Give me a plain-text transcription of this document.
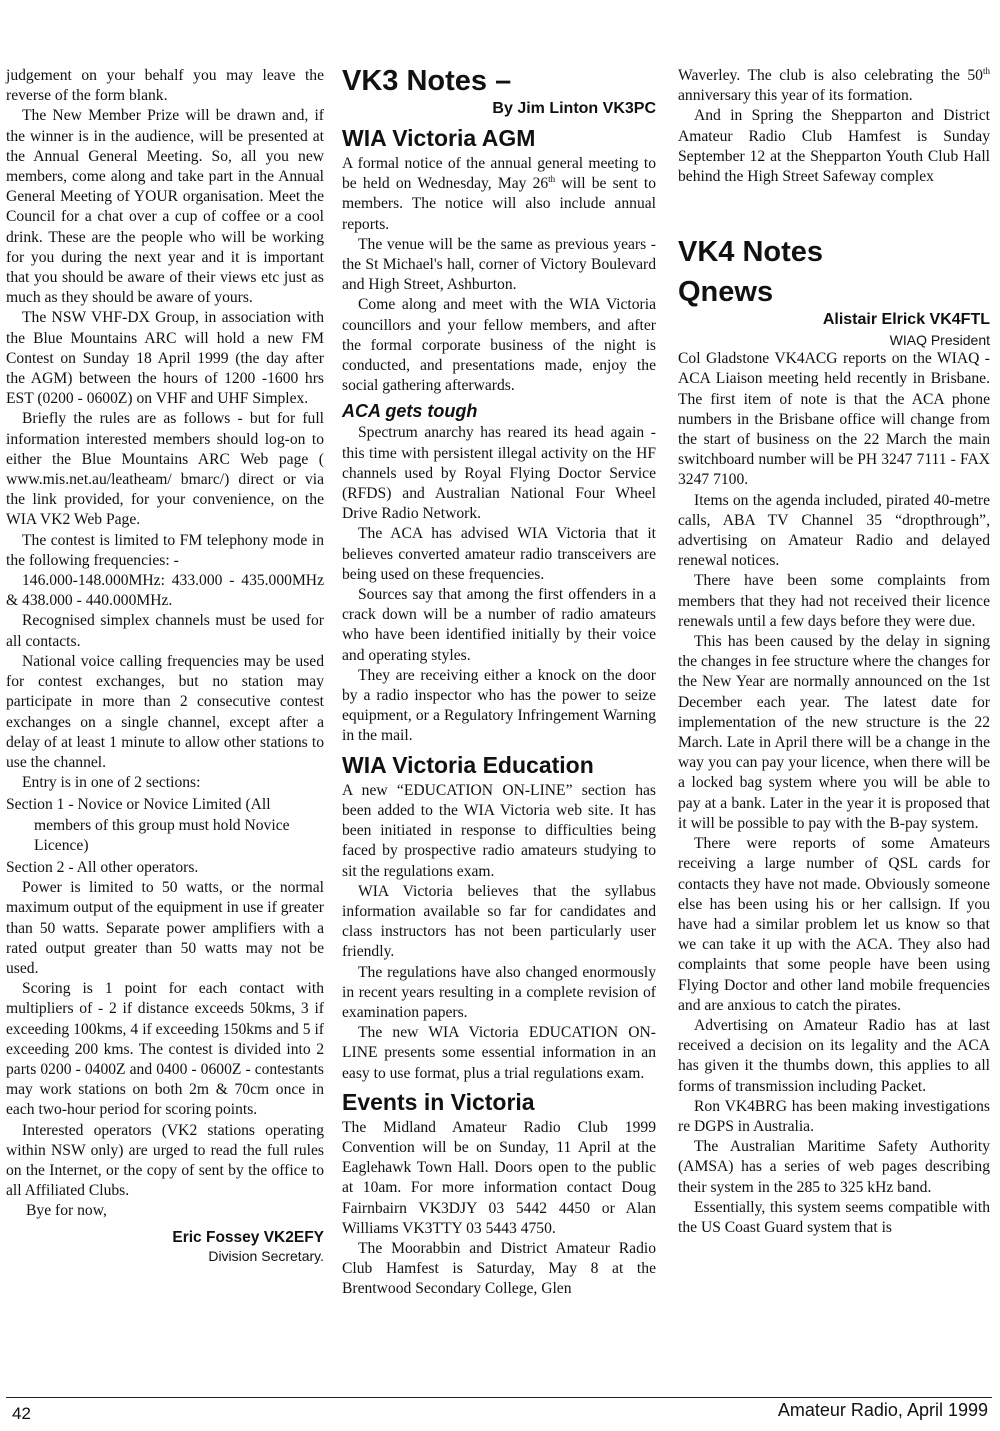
judgement on your behalf you may leave the reverse of the form blank.

The New Member Prize will be drawn and, if the winner is in the audience, will be presented at the Annual General Meeting. So, all you new members, come along and take part in the Annual General Meeting of YOUR organisation. Meet the Council for a chat over a cup of coffee or a cool drink. These are the people who will be working for you during the next year and it is important that you should be aware of their views etc just as much as they should be aware of yours.

The NSW VHF-DX Group, in association with the Blue Mountains ARC will hold a new FM Contest on Sunday 18 April 1999 (the day after the AGM) between the hours of 1200 -1600 hrs EST (0200 - 0600Z) on VHF and UHF Simplex.

Briefly the rules are as follows - but for full information interested members should log-on to either the Blue Mountains ARC Web page ( www.mis.net.au/leatheam/ bmarc/) direct or via the link provided, for your convenience, on the WIA VK2 Web Page.

The contest is limited to FM telephony mode in the following frequencies: -

146.000-148.000MHz: 433.000 - 435.000MHz & 438.000 - 440.000MHz.

Recognised simplex channels must be used for all contacts.

National voice calling frequencies may be used for contest exchanges, but no station may participate in more than 2 consecutive contest exchanges on a single channel, except after a delay of at least 1 minute to allow other stations to use the channel.

Entry is in one of 2 sections:

Section 1 - Novice or Novice Limited (All members of this group must hold Novice Licence)

Section 2 - All other operators.

Power is limited to 50 watts, or the normal maximum output of the equipment in use if greater than 50 watts. Separate power amplifiers with a rated output greater than 50 watts may not be used.

Scoring is 1 point for each contact with multipliers of - 2 if distance exceeds 50kms, 3 if exceeding 100kms, 4 if exceeding 150kms and 5 if exceeding 200 kms. The contest is divided into 2 parts 0200 - 0400Z and 0400 - 0600Z - contestants may work stations on both 2m & 70cm once in each two-hour period for scoring points.

Interested operators (VK2 stations operating within NSW only) are urged to read the full rules on the Internet, or the copy of sent by the office to all Affiliated Clubs.

Bye for now,

Eric Fossey VK2EFY

Division Secretary.

VK3 Notes –

By Jim Linton VK3PC

WIA Victoria AGM

A formal notice of the annual general meeting to be held on Wednesday, May 26th will be sent to members. The notice will also include annual reports.

The venue will be the same as previous years - the St Michael's hall, corner of Victory Boulevard and High Street, Ashburton.

Come along and meet with the WIA Victoria councillors and your fellow members, and after the formal corporate business of the night is conducted, and presentations made, enjoy the social gathering afterwards.

ACA gets tough

Spectrum anarchy has reared its head again - this time with persistent illegal activity on the HF channels used by Royal Flying Doctor Service (RFDS) and Australian National Four Wheel Drive Radio Network.

The ACA has advised WIA Victoria that it believes converted amateur radio transceivers are being used on these frequencies.

Sources say that among the first offenders in a crack down will be a number of radio amateurs who have been identified initially by their voice and operating styles.

They are receiving either a knock on the door by a radio inspector who has the power to seize equipment, or a Regulatory Infringement Warning in the mail.

WIA Victoria Education

A new “EDUCATION ON-LINE” section has been added to the WIA Victoria web site. It has been initiated in response to difficulties being faced by prospective radio amateurs studying to sit the regulations exam.

WIA Victoria believes that the syllabus information available so far for candidates and class instructors has not been particularly user friendly.

The regulations have also changed enormously in recent years resulting in a complete revision of examination papers.

The new WIA Victoria EDUCATION ON-LINE presents some essential information in an easy to use format, plus a trial regulations exam.

Events in Victoria

The Midland Amateur Radio Club 1999 Convention will be on Sunday, 11 April at the Eaglehawk Town Hall. Doors open to the public at 10am. For more information contact Doug Fairnbairn VK3DJY 03 5442 4450 or Alan Williams VK3TTY 03 5443 4750.

The Moorabbin and District Amateur Radio Club Hamfest is Saturday, May 8 at the Brentwood Secondary College, Glen

Waverley. The club is also celebrating the 50th anniversary this year of its formation.

And in Spring the Shepparton and District Amateur Radio Club Hamfest is Sunday September 12 at the Shepparton Youth Club Hall behind the High Street Safeway complex

VK4 Notes
Qnews

Alistair Elrick VK4FTL

WIAQ President

Col Gladstone VK4ACG reports on the WIAQ - ACA Liaison meeting held recently in Brisbane. The first item of note is that the ACA phone numbers in the Brisbane office will change from the start of business on the 22 March the main switchboard number will be PH 3247 7111 - FAX 3247 7100.

Items on the agenda included, pirated 40-metre calls, ABA TV Channel 35 “dropthrough”, advertising on Amateur Radio and delayed renewal notices.

There have been some complaints from members that they had not received their licence renewals until a few days before they were due.

This has been caused by the delay in signing the changes in fee structure where the changes for the New Year are normally announced on the 1st December each year. The latest date for implementation of the new structure is the 22 March. Late in April there will be a change in the way you can pay your licence, when there will be a locked bag system where you will be able to pay at a bank. Later in the year it is proposed that it will be possible to pay with the B-pay system.

There were reports of some Amateurs receiving a large number of QSL cards for contacts they have not made. Obviously someone else has been using his or her callsign. If you have had a similar problem let us know so that we can take it up with the ACA. They also had complaints that some people have been using Flying Doctor and other land mobile frequencies and are anxious to catch the pirates.

Advertising on Amateur Radio has at last received a decision on its legality and the ACA has given it the thumbs down, this applies to all forms of transmission including Packet.

Ron VK4BRG has been making investigations re DGPS in Australia.

The Australian Maritime Safety Authority (AMSA) has a series of web pages describing their system in the 285 to 325 kHz band.

Essentially, this system seems compatible with the US Coast Guard system that is

42	Amateur Radio, April 1999
